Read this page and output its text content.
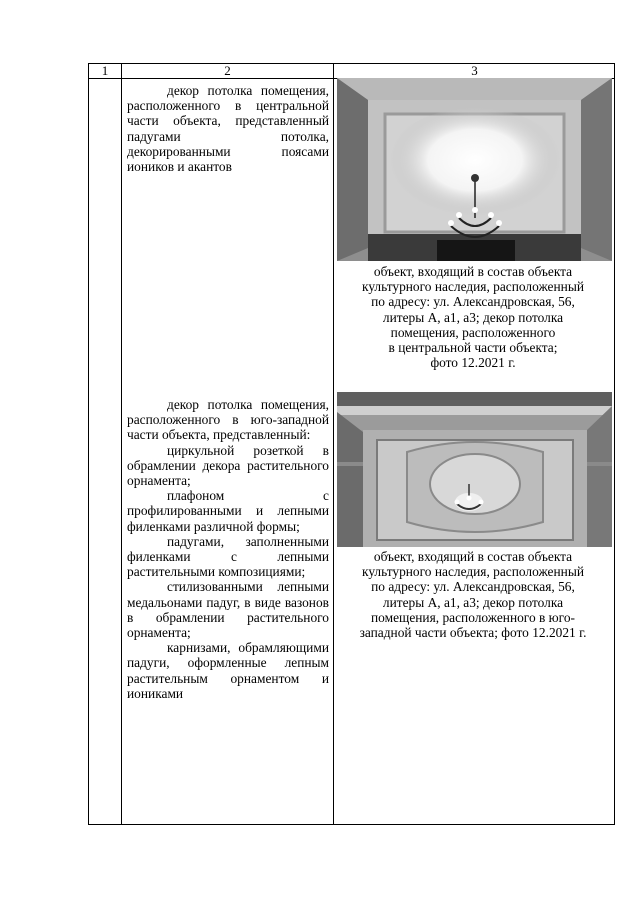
1	2	3

декор потолка помещения, расположенного в центральной части объекта, представленный падугами потолка, декорированными поясами иоников и акантов

объект, входящий в состав объекта
культурного наследия, расположенный
по адресу: ул. Александровская, 56,
литеры А, а1, а3; декор потолка
помещения, расположенного
в центральной части объекта;
фото 12.2021 г.

декор потолка помещения, расположенного в юго-западной части объекта, представленный:

циркульной розеткой в обрамлении декора растительного орнамента;

плафоном с профилированными и лепными филенками различной формы;

падугами, заполненными филенками с лепными растительными композициями;

стилизованными лепными медальонами падуг, в виде вазонов в обрамлении растительного орнамента;

карнизами, обрамляющими падуги, оформленные лепным растительным орнаментом и иониками

объект, входящий в состав объекта
культурного наследия, расположенный
по адресу: ул. Александровская, 56,
литеры А, а1, а3; декор потолка
помещения, расположенного в юго-
западной части объекта; фото 12.2021 г.
